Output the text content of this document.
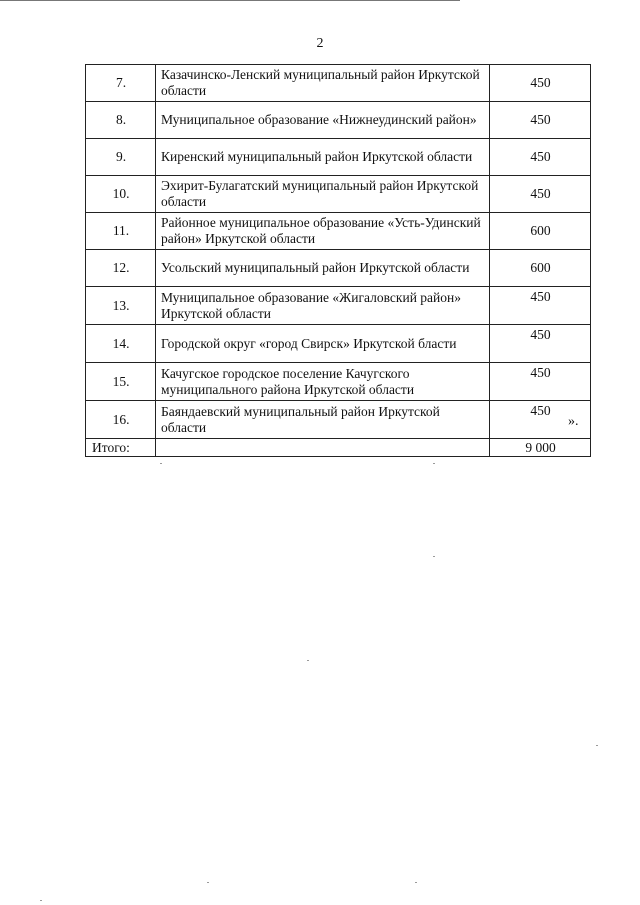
2
7.	Казачинско-Ленский муниципальный район Иркутской области	450
8.	Муниципальное образование «Нижнеудинский район»	450
9.	Киренский муниципальный район Иркутской области	450
10.	Эхирит-Булагатский муниципальный район Иркутской области	450
11.	Районное муниципальное образование «Усть-Удинский район» Иркутской области	600
12.	Усольский муниципальный район Иркутской области	600
13.	Муниципальное образование «Жигаловский район» Иркутской области	450
14.	Городской округ «город Свирск» Иркутской бласти	450
15.	Качугское городское поселение Качугского муниципального района Иркутской области	450
16.	Баяндаевский муниципальный район Иркутской области	450
Итого:		9 000
».
